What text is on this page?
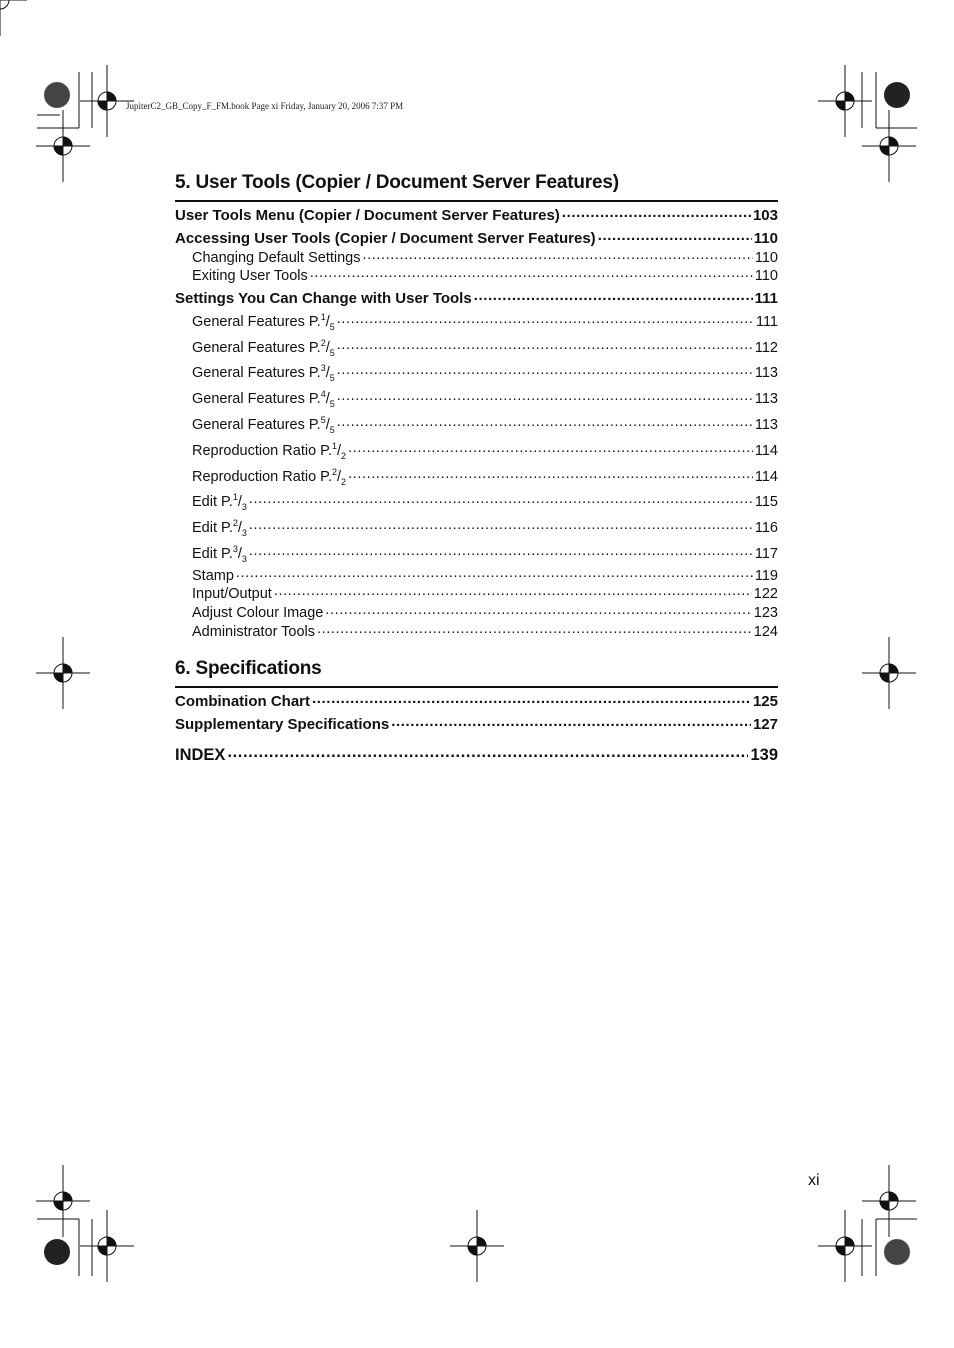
JupiterC2_GB_Copy_F_FM.book Page xi Friday, January 20, 2006 7:37 PM
5. User Tools (Copier / Document Server Features)
User Tools Menu (Copier / Document Server Features) .....	103
Accessing User Tools (Copier / Document Server Features) .....	110
Changing Default Settings .....	110
Exiting User Tools .....	110
Settings You Can Change with User Tools .....	111
General Features $P.^1/_5$ .....	111
General Features $P.^2/_5$ .....	112
General Features $P.^3/_5$ .....	113
General Features $P.^4/_5$ .....	113
General Features $P.^5/_5$ .....	113
Reproduction Ratio $P.^1/_2$ .....	114
Reproduction Ratio $P.^2/_2$ .....	114
Edit $P.^1/_3$ .....	115
Edit $P.^2/_3$ .....	116
Edit $P.^3/_3$ .....	117
Stamp .....	119
Input/Output .....	122
Adjust Colour Image .....	123
Administrator Tools .....	124
6. Specifications
Combination Chart .....	125
Supplementary Specifications .....	127
INDEX .....	139
xi
